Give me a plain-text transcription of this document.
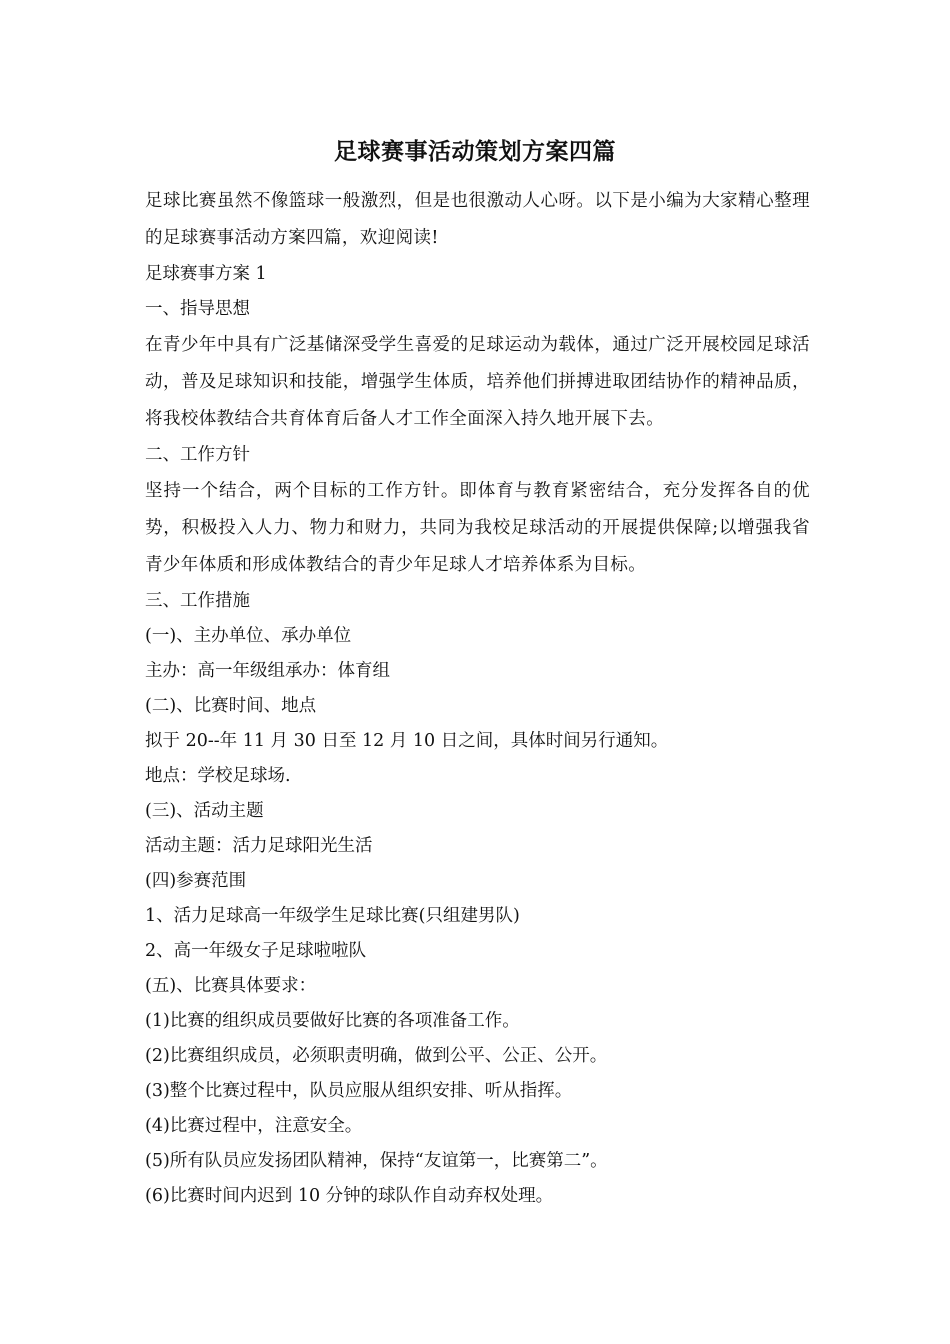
足球赛事活动策划方案四篇

足球比赛虽然不像篮球一般激烈，但是也很激动人心呀。以下是小编为大家精心整理的足球赛事活动方案四篇，欢迎阅读!

足球赛事方案 1

一、指导思想

在青少年中具有广泛基储深受学生喜爱的足球运动为载体，通过广泛开展校园足球活动，普及足球知识和技能，增强学生体质，培养他们拼搏进取团结协作的精神品质，将我校体教结合共育体育后备人才工作全面深入持久地开展下去。

二、工作方针

坚持一个结合，两个目标的工作方针。即体育与教育紧密结合，充分发挥各自的优势，积极投入人力、物力和财力，共同为我校足球活动的开展提供保障;以增强我省青少年体质和形成体教结合的青少年足球人才培养体系为目标。

三、工作措施

(一)、主办单位、承办单位

主办：高一年级组承办：体育组

(二)、比赛时间、地点

拟于 20--年 11 月 30 日至 12 月 10 日之间，具体时间另行通知。

地点：学校足球场.

(三)、活动主题

活动主题：活力足球阳光生活

(四)参赛范围

1、活力足球高一年级学生足球比赛(只组建男队)

2、高一年级女子足球啦啦队

(五)、比赛具体要求：

(1)比赛的组织成员要做好比赛的各项准备工作。

(2)比赛组织成员，必须职责明确，做到公平、公正、公开。

(3)整个比赛过程中，队员应服从组织安排、听从指挥。

(4)比赛过程中，注意安全。

(5)所有队员应发扬团队精神，保持“友谊第一，比赛第二”。

(6)比赛时间内迟到 10 分钟的球队作自动弃权处理。
